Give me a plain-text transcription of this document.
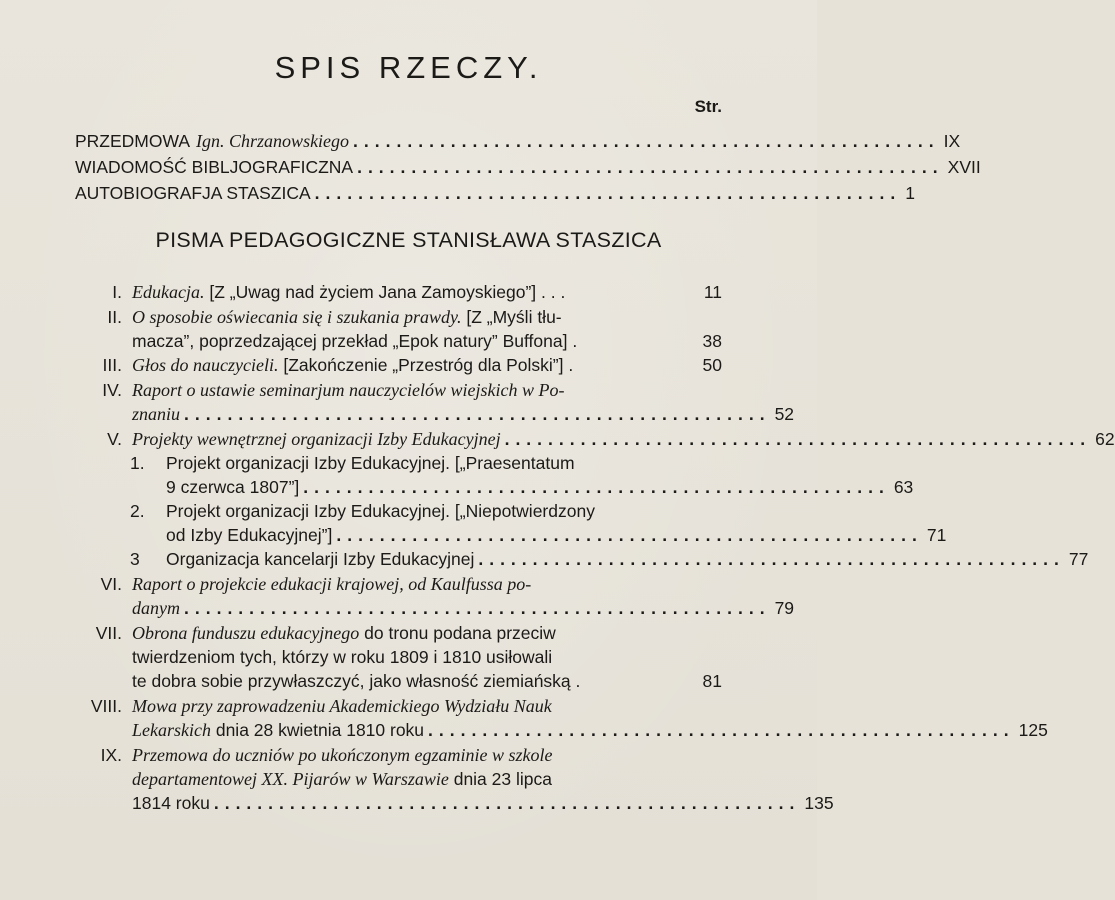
SPIS RZECZY.
Str.
PRZEDMOWA Ign. Chrzanowskiego ...................................................... IX
WIADOMOŚĆ BIBLJOGRAFICZNA ...................................................... XVII
AUTOBIOGRAFJA STASZICA ...................................................... 1
PISMA PEDAGOGICZNE STANISŁAWA STASZICA
I. Edukacja. [Z „Uwag nad życiem Jana Zamoyskiego”] . . .	11
II. O sposobie oświecania się i szukania prawdy. [Z „Myśli tłu-
macza”, poprzedzającej przekład „Epok natury” Buffona] .	38
III. Głos do nauczycieli. [Zakończenie „Przestróg dla Polski”] .	50
IV. Raport o ustawie seminarjum nauczycielów wiejskich w Po-
znaniu ...................................................... 52
V. Projekty wewnętrznej organizacji Izby Edukacyjnej ...................................................... 62
1.	Projekt organizacji Izby Edukacyjnej. [„Praesentatum
9 czerwca 1807”] ...................................................... 63
2.	Projekt organizacji Izby Edukacyjnej. [„Niepotwierdzony
od Izby Edukacyjnej”] ...................................................... 71
3	Organizacja kancelarji Izby Edukacyjnej ...................................................... 77
VI. Raport o projekcie edukacji krajowej, od Kaulfussa po-
danym ...................................................... 79
VII. Obrona funduszu edukacyjnego do tronu podana przeciw
twierdzeniom tych, którzy w roku 1809 i 1810 usiłowali
te dobra sobie przywłaszczyć, jako własność ziemiańską .	81
VIII. Mowa przy zaprowadzeniu Akademickiego Wydziału Nauk
Lekarskich dnia 28 kwietnia 1810 roku ...................................................... 125
IX. Przemowa do uczniów po ukończonym egzaminie w szkole
departamentowej XX. Pijarów w Warszawie dnia 23 lipca
1814 roku ...................................................... 135
